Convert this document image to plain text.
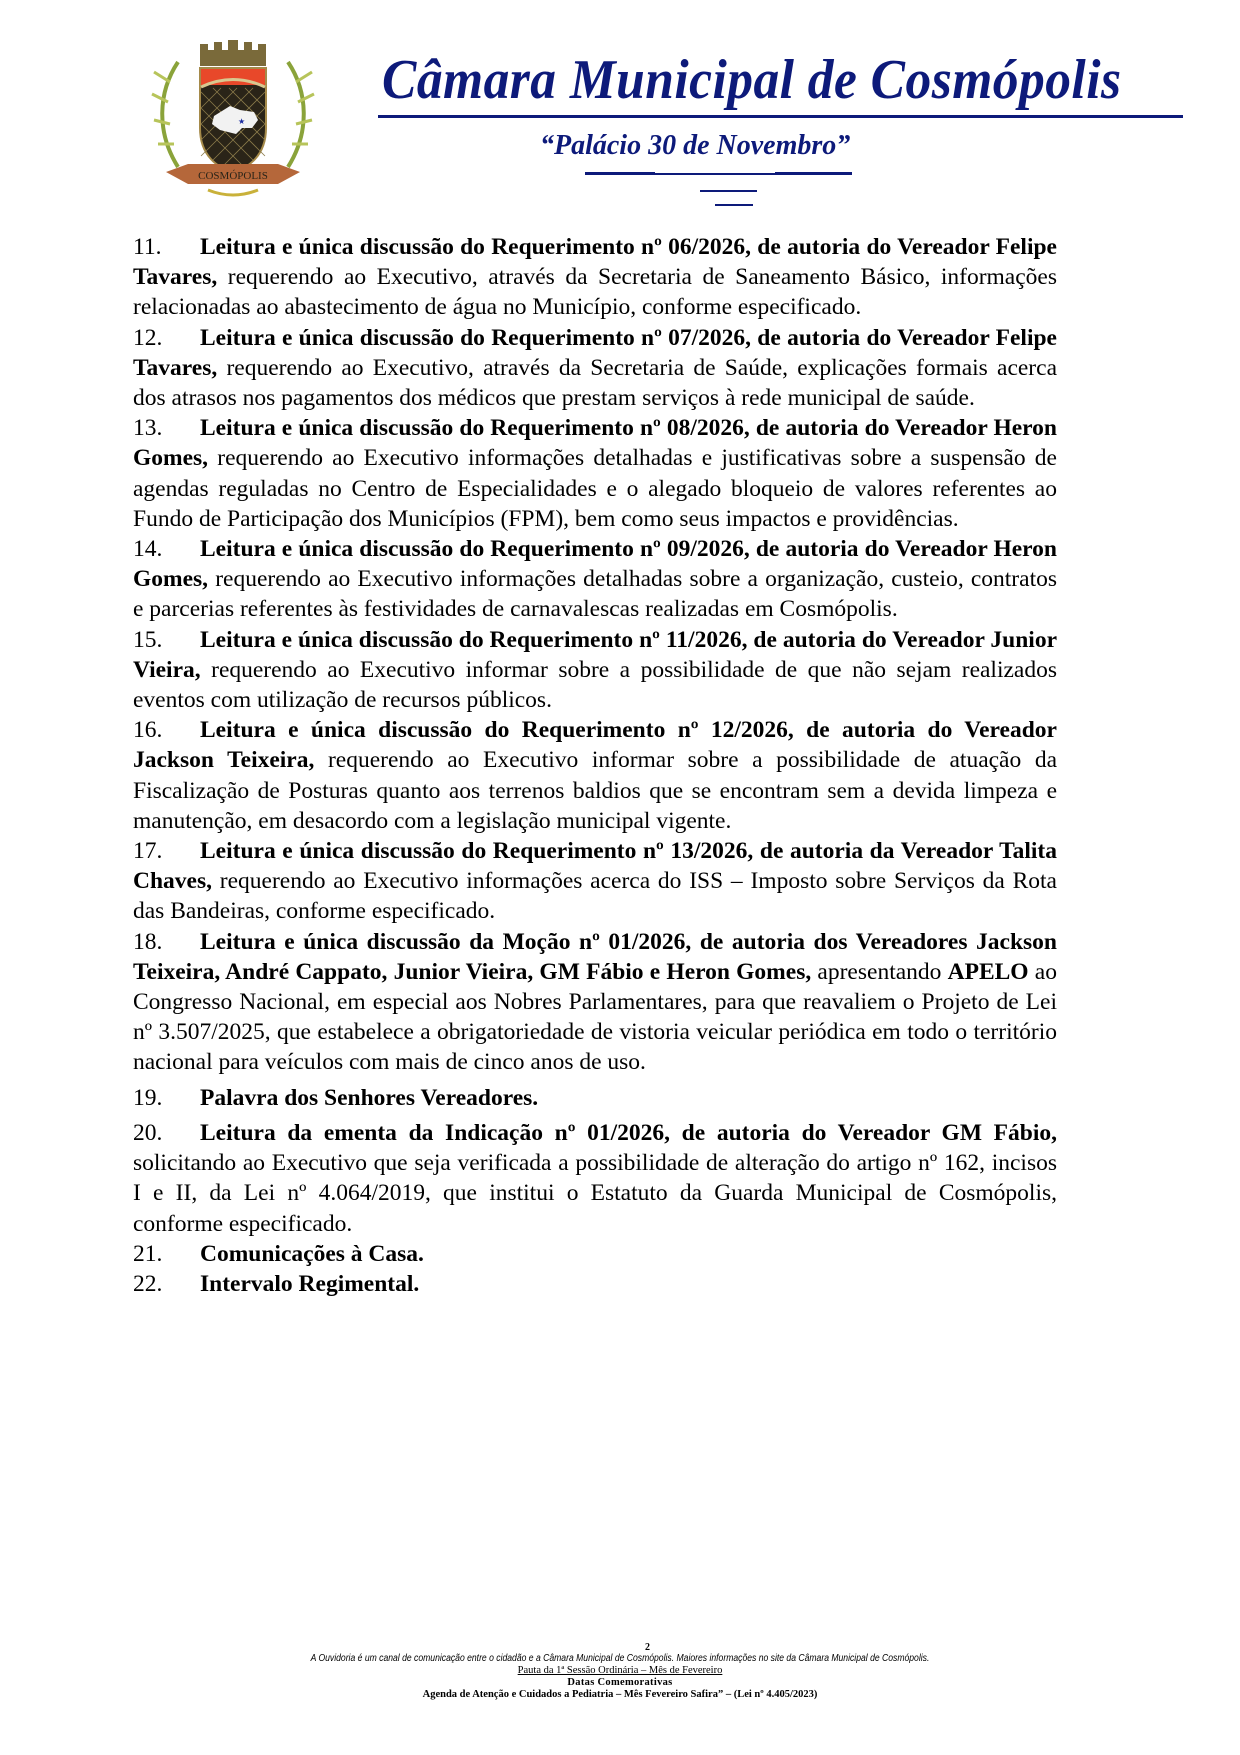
★
COSMÓPOLIS
Câmara Municipal de Cosmópolis
“Palácio 30 de Novembro”

11. Leitura e única discussão do Requerimento nº 06/2026, de autoria do Vereador Felipe Tavares, requerendo ao Executivo, através da Secretaria de Saneamento Básico, informações relacionadas ao abastecimento de água no Município, conforme especificado.

12. Leitura e única discussão do Requerimento nº 07/2026, de autoria do Vereador Felipe Tavares, requerendo ao Executivo, através da Secretaria de Saúde, explicações formais acerca dos atrasos nos pagamentos dos médicos que prestam serviços à rede municipal de saúde.

13. Leitura e única discussão do Requerimento nº 08/2026, de autoria do Vereador Heron Gomes, requerendo ao Executivo informações detalhadas e justificativas sobre a suspensão de agendas reguladas no Centro de Especialidades e o alegado bloqueio de valores referentes ao Fundo de Participação dos Municípios (FPM), bem como seus impactos e providências.

14. Leitura e única discussão do Requerimento nº 09/2026, de autoria do Vereador Heron Gomes, requerendo ao Executivo informações detalhadas sobre a organização, custeio, contratos e parcerias referentes às festividades de carnavalescas realizadas em Cosmópolis.

15. Leitura e única discussão do Requerimento nº 11/2026, de autoria do Vereador Junior Vieira, requerendo ao Executivo informar sobre a possibilidade de que não sejam realizados eventos com utilização de recursos públicos.

16. Leitura e única discussão do Requerimento nº 12/2026, de autoria do Vereador Jackson Teixeira, requerendo ao Executivo informar sobre a possibilidade de atuação da Fiscalização de Posturas quanto aos terrenos baldios que se encontram sem a devida limpeza e manutenção, em desacordo com a legislação municipal vigente.

17. Leitura e única discussão do Requerimento nº 13/2026, de autoria da Vereador Talita Chaves, requerendo ao Executivo informações acerca do ISS – Imposto sobre Serviços da Rota das Bandeiras, conforme especificado.

18. Leitura e única discussão da Moção nº 01/2026, de autoria dos Vereadores Jackson Teixeira, André Cappato, Junior Vieira, GM Fábio e Heron Gomes, apresentando APELO ao Congresso Nacional, em especial aos Nobres Parlamentares, para que reavaliem o Projeto de Lei nº 3.507/2025, que estabelece a obrigatoriedade de vistoria veicular periódica em todo o território nacional para veículos com mais de cinco anos de uso.

19. Palavra dos Senhores Vereadores.

20. Leitura da ementa da Indicação nº 01/2026, de autoria do Vereador GM Fábio, solicitando ao Executivo que seja verificada a possibilidade de alteração do artigo nº 162, incisos I e II, da Lei nº 4.064/2019, que institui o Estatuto da Guarda Municipal de Cosmópolis, conforme especificado.

21. Comunicações à Casa.

22. Intervalo Regimental.

2
A Ouvidoria é um canal de comunicação entre o cidadão e a Câmara Municipal de Cosmópolis. Maiores informações no site da Câmara Municipal de Cosmópolis.
Pauta da 1ª Sessão Ordinária – Mês de Fevereiro
Datas Comemorativas
Agenda de Atenção e Cuidados a Pediatria – Mês Fevereiro Safira” – (Lei nº 4.405/2023)
